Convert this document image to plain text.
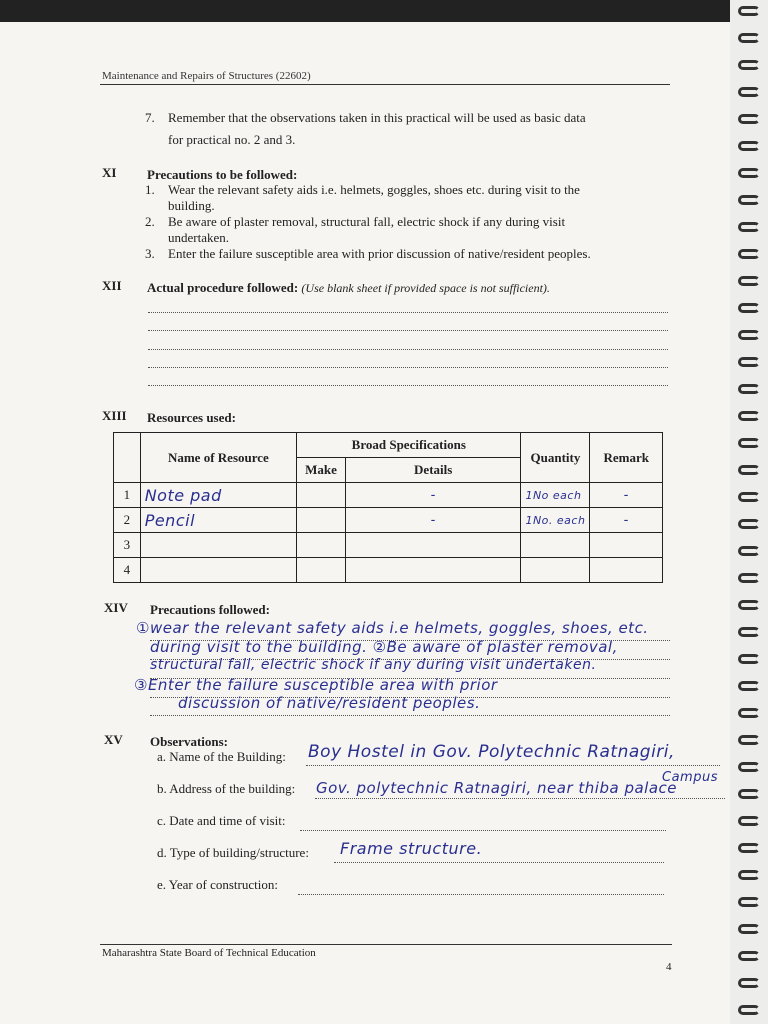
Maintenance and Repairs of Structures (22602)
7. Remember that the observations taken in this practical will be used as basic data
for practical no. 2 and 3.
XI Precautions to be followed:
1. Wear the relevant safety aids i.e. helmets, goggles, shoes etc. during visit to the
building.
2. Be aware of plaster removal, structural fall, electric shock if any during visit
undertaken.
3. Enter the failure susceptible area with prior discussion of native/resident peoples.
XII Actual procedure followed: (Use blank sheet if provided space is not sufficient).
XIII Resources used:
	Name of Resource	Broad Specifications		Quantity	Remark
		Make	Details		
1	Note pad		-	1No each	-
2	Pencil		-	1No. each	-
3					
4					
XIV Precautions followed:
①wear the relevant safety aids i.e helmets, goggles, shoes, etc.
during visit to the building. ②Be aware of plaster removal,
structural fall, electric shock if any during visit undertaken.
③Enter the failure susceptible area with prior
discussion of native/resident peoples.
XV Observations:
a. Name of the Building: Boy Hostel in Gov. Polytechnic Ratnagiri,
Campus
b. Address of the building: Gov. polytechnic Ratnagiri, near thiba palace
c. Date and time of visit:
d. Type of building/structure: Frame structure.
e. Year of construction:
Maharashtra State Board of Technical Education
4
